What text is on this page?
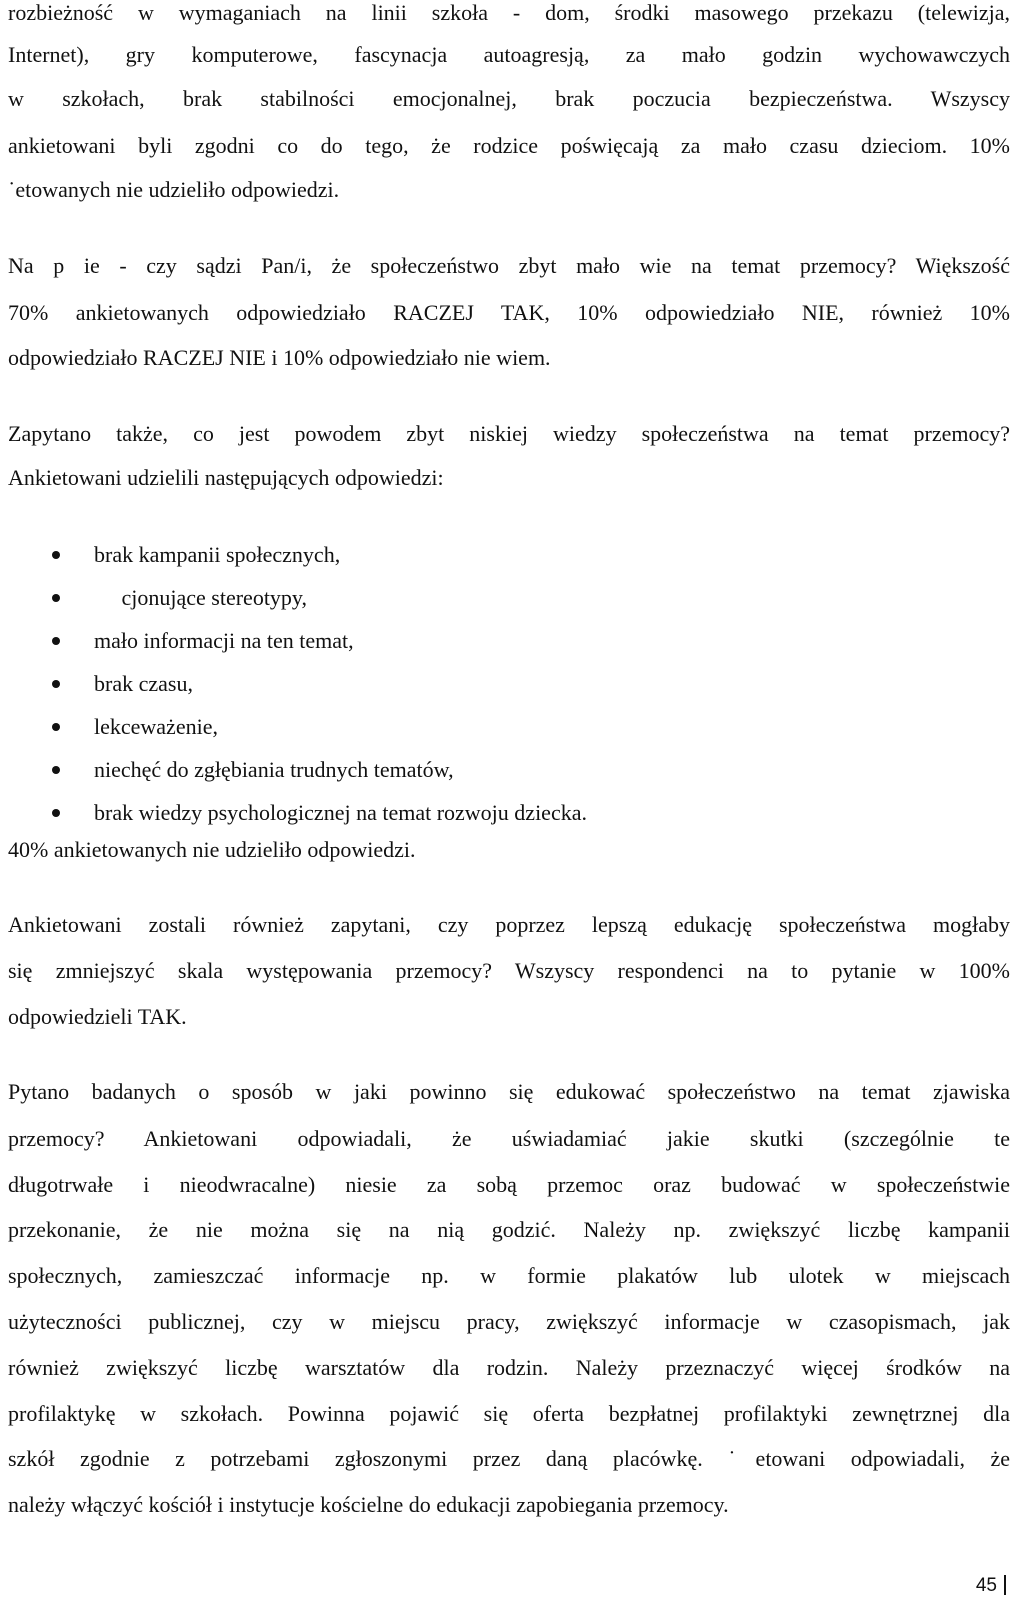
rozbieżność w wymaganiach na linii szkoła - dom, środki masowego przekazu (telewizja,
Internet), gry komputerowe, fascynacja autoagresją, za mało godzin wychowawczych
w szkołach, brak stabilności emocjonalnej, brak poczucia bezpieczeństwa. Wszyscy
ankietowani byli zgodni co do tego, że rodzice poświęcają za mało czasu dzieciom. 10%
˙etowanych nie udzieliło odpowiedzi.
Na p ie - czy sądzi Pan/i, że społeczeństwo zbyt mało wie na temat przemocy? Większość
70% ankietowanych odpowiedziało RACZEJ TAK, 10% odpowiedziało NIE, również 10%
odpowiedziało RACZEJ NIE i 10% odpowiedziało nie wiem.
Zapytano także, co jest powodem zbyt niskiej wiedzy społeczeństwa na temat przemocy?
Ankietowani udzielili następujących odpowiedzi:
brak kampanii społecznych,
cjonujące stereotypy,
mało informacji na ten temat,
brak czasu,
lekceważenie,
niechęć do zgłębiania trudnych tematów,
brak wiedzy psychologicznej na temat rozwoju dziecka.
40% ankietowanych nie udzieliło odpowiedzi.
Ankietowani zostali również zapytani, czy poprzez lepszą edukację społeczeństwa mogłaby
się zmniejszyć skala występowania przemocy? Wszyscy respondenci na to pytanie w 100%
odpowiedzieli TAK.
Pytano badanych o sposób w jaki powinno się edukować społeczeństwo na temat zjawiska
przemocy? Ankietowani odpowiadali, że uświadamiać jakie skutki (szczególnie te
długotrwałe i nieodwracalne) niesie za sobą przemoc oraz budować w społeczeństwie
przekonanie, że nie można się na nią godzić. Należy np. zwiększyć liczbę kampanii
społecznych, zamieszczać informacje np. w formie plakatów lub ulotek w miejscach
użyteczności publicznej, czy w miejscu pracy, zwiększyć informacje w czasopismach, jak
również zwiększyć liczbę warsztatów dla rodzin. Należy przeznaczyć więcej środków na
profilaktykę w szkołach. Powinna pojawić się oferta bezpłatnej profilaktyki zewnętrznej dla
szkół zgodnie z potrzebami zgłoszonymi przez daną placówkę. ˙etowani odpowiadali, że
należy włączyć kościół i instytucje kościelne do edukacji zapobiegania przemocy.
45
